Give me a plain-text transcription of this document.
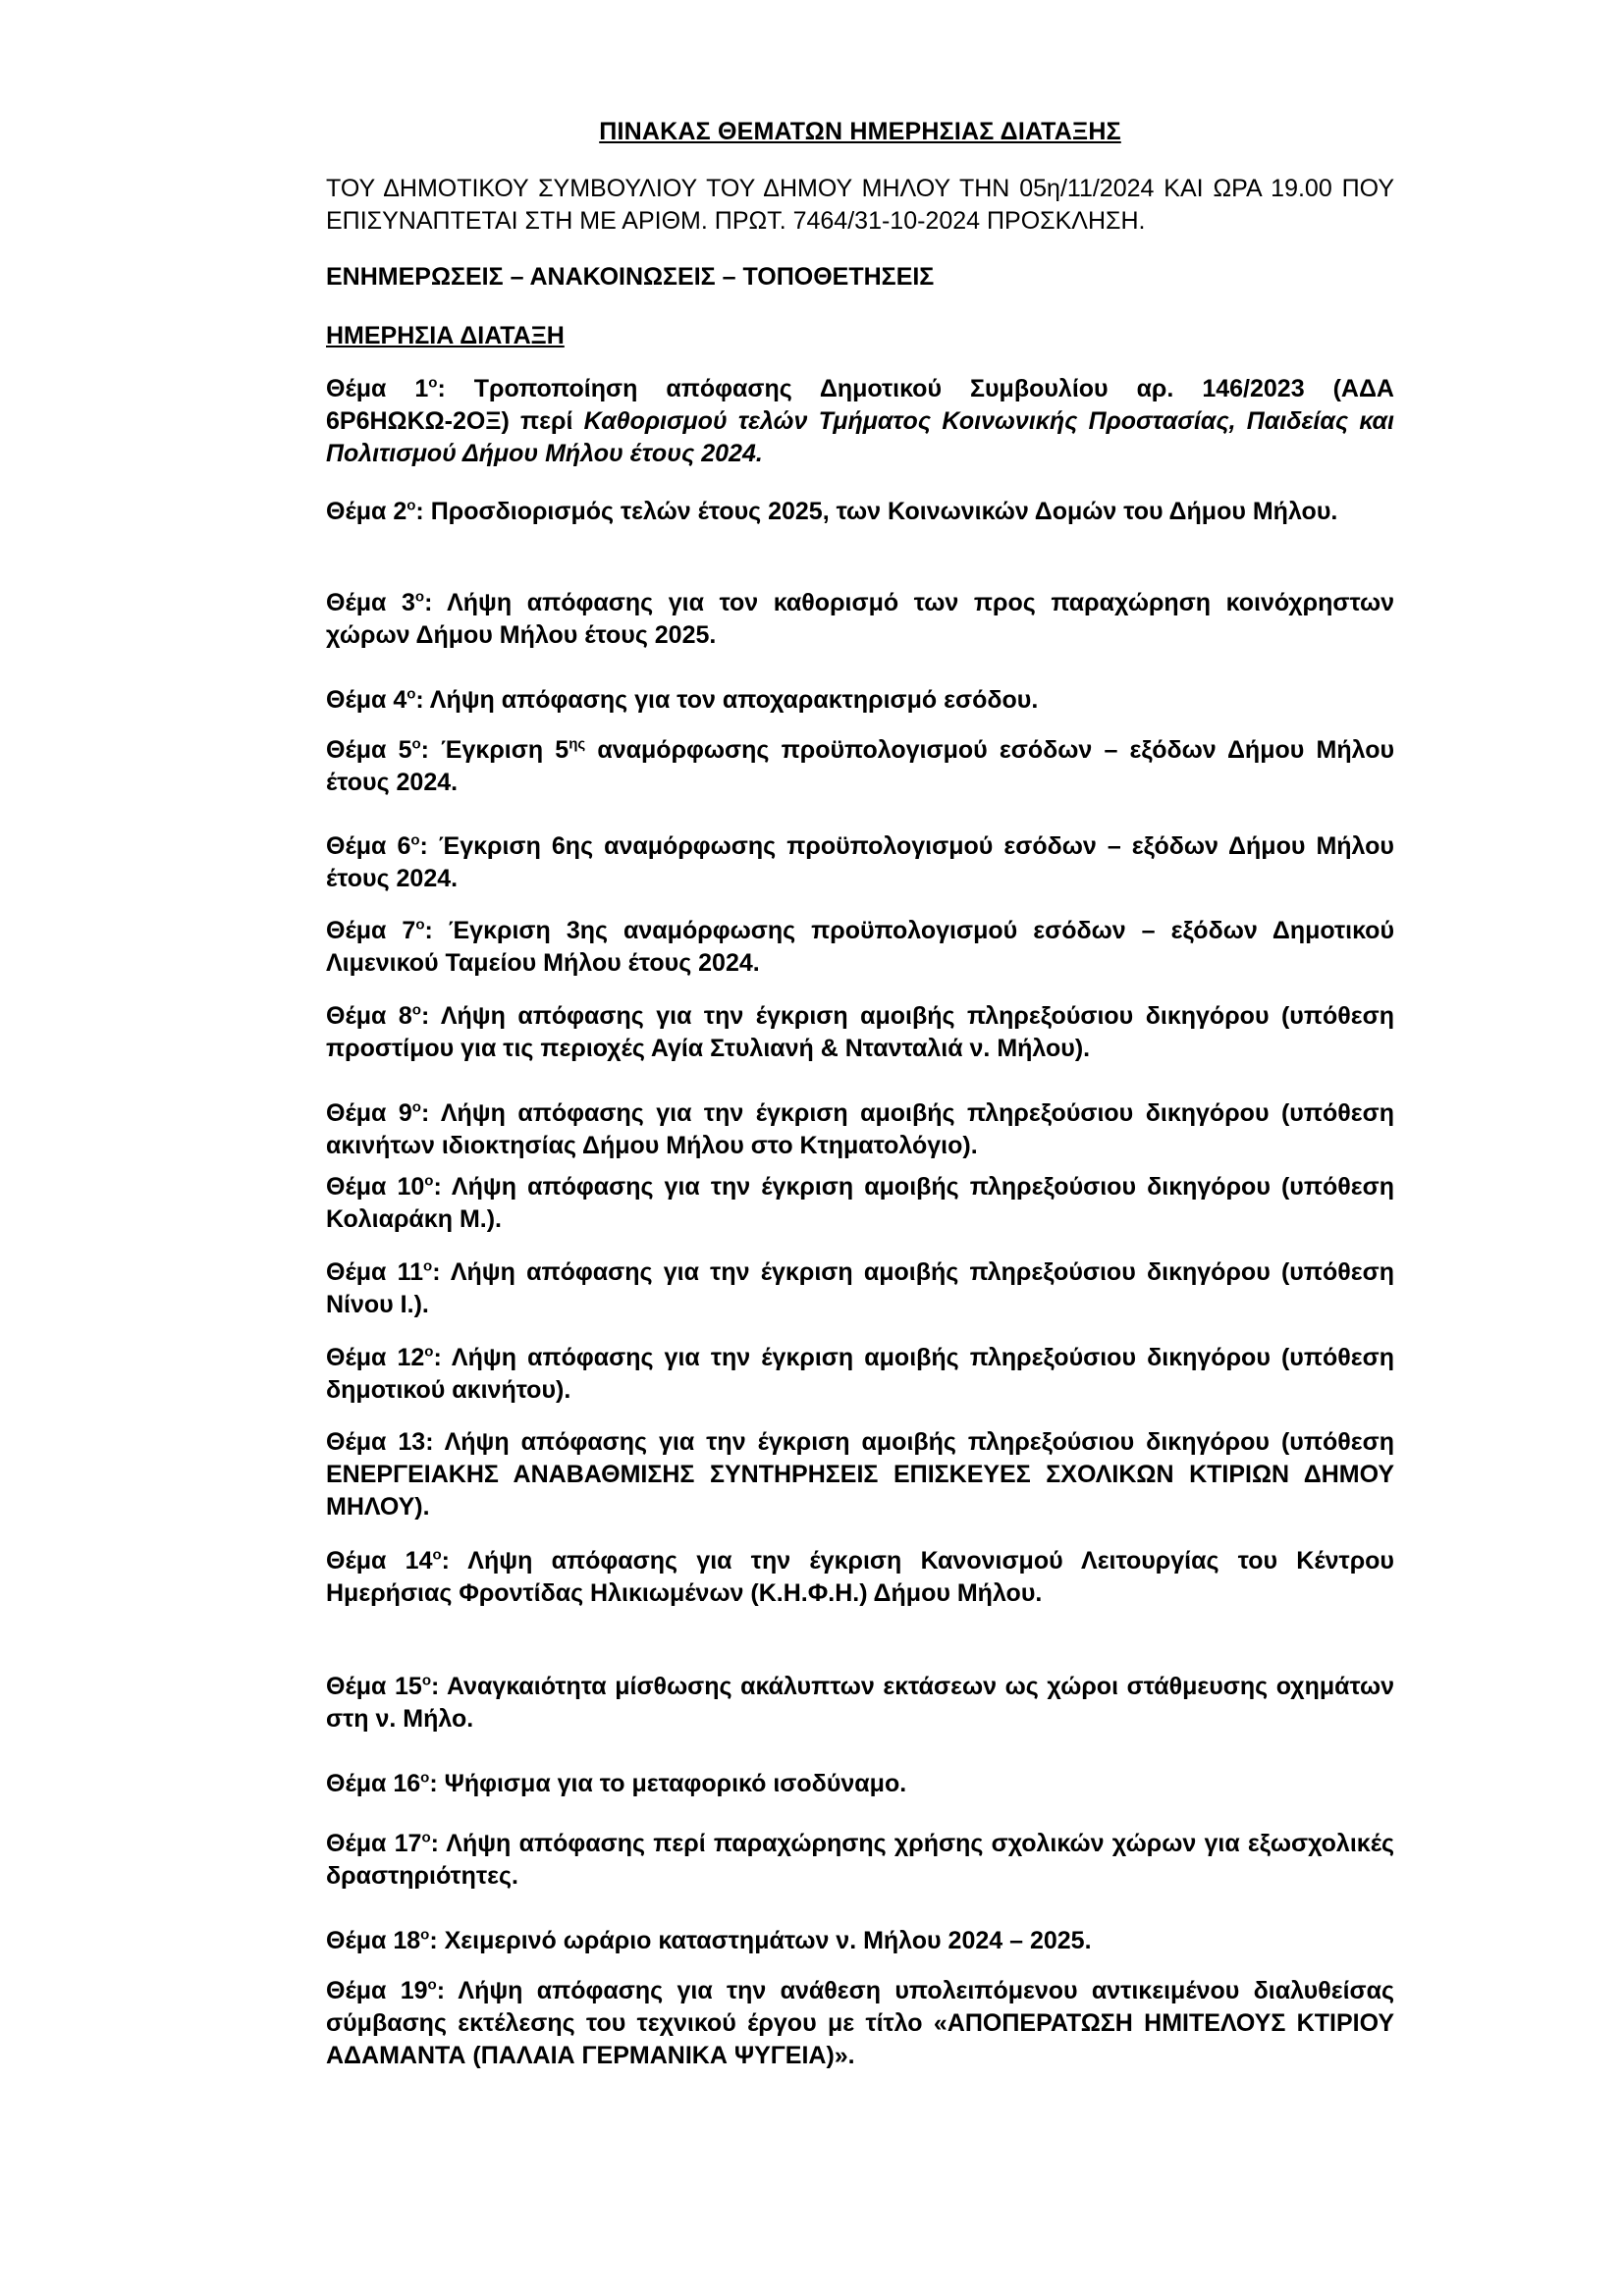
ΠΙΝΑΚΑΣ ΘΕΜΑΤΩΝ ΗΜΕΡΗΣΙΑΣ ΔΙΑΤΑΞΗΣ
ΤΟΥ ΔΗΜΟΤΙΚΟΥ ΣΥΜΒΟΥΛΙΟΥ ΤΟΥ ΔΗΜΟΥ ΜΗΛΟΥ ΤΗΝ 05η/11/2024 ΚΑΙ ΩΡΑ 19.00 ΠΟΥ ΕΠΙΣΥΝΑΠΤΕΤΑΙ ΣΤΗ ΜΕ ΑΡΙΘΜ. ΠΡΩΤ. 7464/31-10-2024 ΠΡΟΣΚΛΗΣΗ.
ΕΝΗΜΕΡΩΣΕΙΣ – ΑΝΑΚΟΙΝΩΣΕΙΣ – ΤΟΠΟΘΕΤΗΣΕΙΣ
ΗΜΕΡΗΣΙΑ ΔΙΑΤΑΞΗ
Θέμα $1^o$: Τροποποίηση απόφασης Δημοτικού Συμβουλίου αρ. 146/2023 (ΑΔΑ 6Ρ6ΗΩΚΩ-2ΟΞ) περί Καθορισμού τελών Τμήματος Κοινωνικής Προστασίας, Παιδείας και Πολιτισμού Δήμου Μήλου έτους 2024.
Θέμα $2^o$: Προσδιορισμός τελών έτους 2025, των Κοινωνικών Δομών του Δήμου Μήλου.
Θέμα $3^o$: Λήψη απόφασης για τον καθορισμό των προς παραχώρηση κοινόχρηστων χώρων Δήμου Μήλου έτους 2025.
Θέμα $4^o$: Λήψη απόφασης για τον αποχαρακτηρισμό εσόδου.
Θέμα $5^o$: Έγκριση $5^{\eta\varsigma}$ αναμόρφωσης προϋπολογισμού εσόδων – εξόδων Δήμου Μήλου έτους 2024.
Θέμα $6^o$: Έγκριση 6ης αναμόρφωσης προϋπολογισμού εσόδων – εξόδων Δήμου Μήλου έτους 2024.
Θέμα $7^o$: Έγκριση 3ης αναμόρφωσης προϋπολογισμού εσόδων – εξόδων Δημοτικού Λιμενικού Ταμείου Μήλου έτους 2024.
Θέμα $8^o$: Λήψη απόφασης για την έγκριση αμοιβής πληρεξούσιου δικηγόρου (υπόθεση προστίμου για τις περιοχές Αγία Στυλιανή & Ντανταλιά ν. Μήλου).
Θέμα $9^o$: Λήψη απόφασης για την έγκριση αμοιβής πληρεξούσιου δικηγόρου (υπόθεση ακινήτων ιδιοκτησίας Δήμου Μήλου στο Κτηματολόγιο).
Θέμα $10^o$: Λήψη απόφασης για την έγκριση αμοιβής πληρεξούσιου δικηγόρου (υπόθεση Κολιαράκη Μ.).
Θέμα $11^o$: Λήψη απόφασης για την έγκριση αμοιβής πληρεξούσιου δικηγόρου (υπόθεση Νίνου Ι.).
Θέμα $12^o$: Λήψη απόφασης για την έγκριση αμοιβής πληρεξούσιου δικηγόρου (υπόθεση δημοτικού ακινήτου).
Θέμα 13: Λήψη απόφασης για την έγκριση αμοιβής πληρεξούσιου δικηγόρου (υπόθεση ΕΝΕΡΓΕΙΑΚΗΣ ΑΝΑΒΑΘΜΙΣΗΣ ΣΥΝΤΗΡΗΣΕΙΣ ΕΠΙΣΚΕΥΕΣ ΣΧΟΛΙΚΩΝ ΚΤΙΡΙΩΝ ΔΗΜΟΥ ΜΗΛΟΥ).
Θέμα $14^o$: Λήψη απόφασης για την έγκριση Κανονισμού Λειτουργίας του Κέντρου Ημερήσιας Φροντίδας Ηλικιωμένων (Κ.Η.Φ.Η.) Δήμου Μήλου.
Θέμα $15^o$: Αναγκαιότητα μίσθωσης ακάλυπτων εκτάσεων ως χώροι στάθμευσης οχημάτων στη ν. Μήλο.
Θέμα $16^o$: Ψήφισμα για το μεταφορικό ισοδύναμο.
Θέμα $17^o$: Λήψη απόφασης περί παραχώρησης χρήσης σχολικών χώρων για εξωσχολικές δραστηριότητες.
Θέμα $18^o$: Χειμερινό ωράριο καταστημάτων ν. Μήλου 2024 – 2025.
Θέμα $19^o$: Λήψη απόφασης για την ανάθεση υπολειπόμενου αντικειμένου διαλυθείσας σύμβασης εκτέλεσης του τεχνικού έργου με τίτλο «ΑΠΟΠΕΡΑΤΩΣΗ ΗΜΙΤΕΛΟΥΣ ΚΤΙΡΙΟΥ ΑΔΑΜΑΝΤΑ (ΠΑΛΑΙΑ ΓΕΡΜΑΝΙΚΑ ΨΥΓΕΙΑ)».
